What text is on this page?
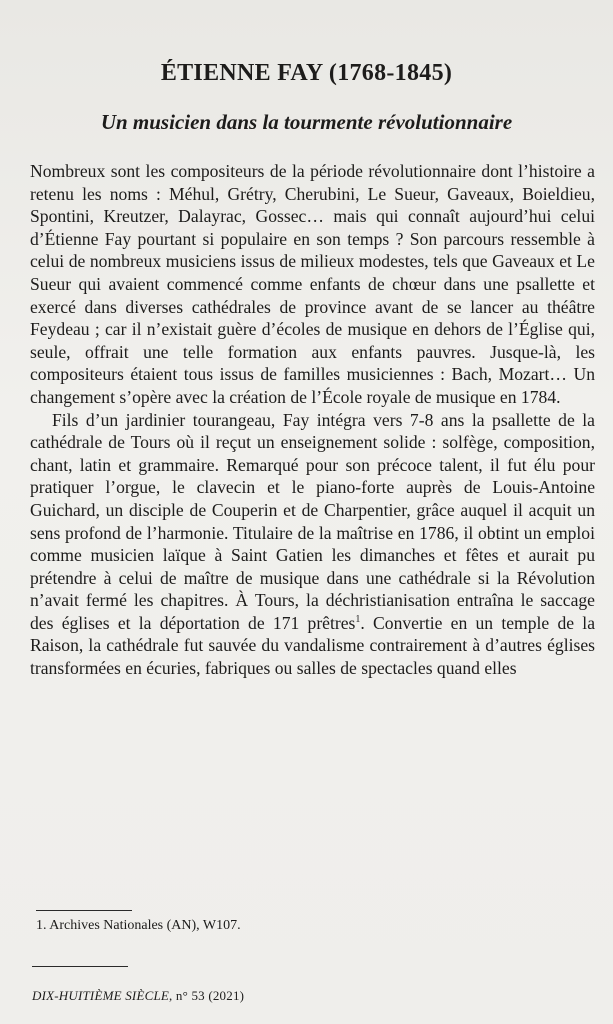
ÉTIENNE FAY (1768-1845)
Un musicien dans la tourmente révolutionnaire

Nombreux sont les compositeurs de la période révolutionnaire dont l’histoire a retenu les noms : Méhul, Grétry, Cherubini, Le Sueur, Gaveaux, Boieldieu, Spontini, Kreutzer, Dalayrac, Gossec… mais qui connaît aujourd’hui celui d’Étienne Fay pourtant si populaire en son temps ? Son parcours ressemble à celui de nombreux musiciens issus de milieux modestes, tels que Gaveaux et Le Sueur qui avaient commencé comme enfants de chœur dans une psallette et exercé dans diverses cathédrales de province avant de se lancer au théâtre Feydeau ; car il n’existait guère d’écoles de musique en dehors de l’Église qui, seule, offrait une telle formation aux enfants pauvres. Jusque-là, les compositeurs étaient tous issus de familles musiciennes : Bach, Mozart… Un changement s’opère avec la création de l’École royale de musique en 1784.

Fils d’un jardinier tourangeau, Fay intégra vers 7-8 ans la psallette de la cathédrale de Tours où il reçut un enseignement solide : solfège, composition, chant, latin et grammaire. Remarqué pour son précoce talent, il fut élu pour pratiquer l’orgue, le clavecin et le piano-forte auprès de Louis-Antoine Guichard, un disciple de Couperin et de Charpentier, grâce auquel il acquit un sens profond de l’harmonie. Titulaire de la maîtrise en 1786, il obtint un emploi comme musicien laïque à Saint Gatien les dimanches et fêtes et aurait pu prétendre à celui de maître de musique dans une cathédrale si la Révolution n’avait fermé les chapitres. À Tours, la déchristianisation entraîna le saccage des églises et la déportation de 171 prêtres$^1$. Convertie en un temple de la Raison, la cathédrale fut sauvée du vandalisme contrairement à d’autres églises transformées en écuries, fabriques ou salles de spectacles quand elles

1. Archives Nationales (AN), W107.
DIX-HUITIÈME SIÈCLE, n° 53 (2021)
